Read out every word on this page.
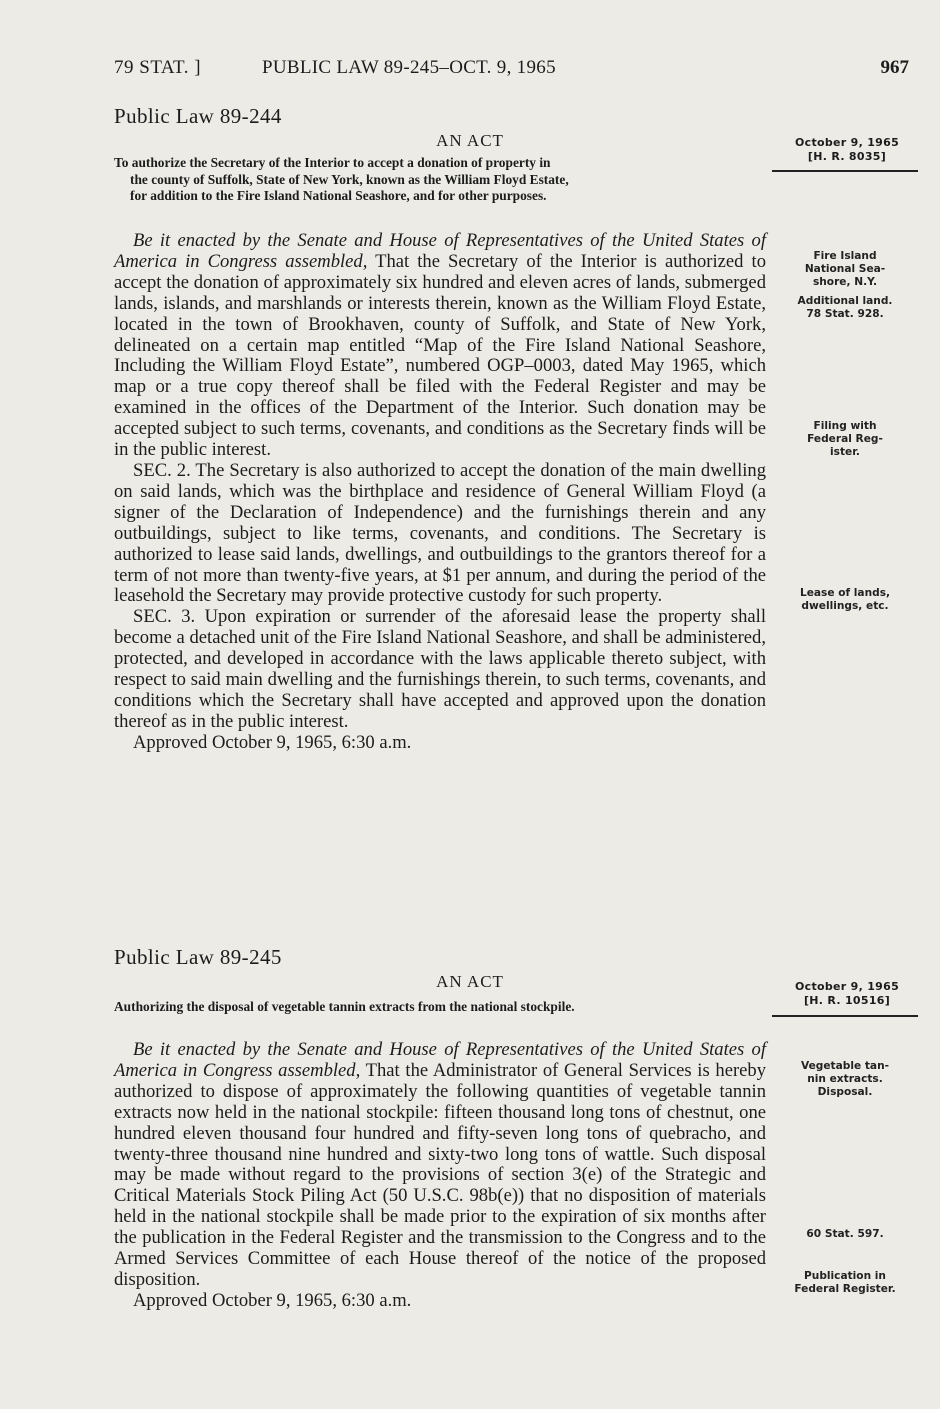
79 STAT. ]	PUBLIC LAW 89-245–OCT. 9, 1965	967
Public Law 89-244
AN ACT	October 9, 1965
[H. R. 8035]
To authorize the Secretary of the Interior to accept a donation of property in
the county of Suffolk, State of New York, known as the William Floyd Estate,
for addition to the Fire Island National Seashore, and for other purposes.

Be it enacted by the Senate and House of Representatives of the United States of America in Congress assembled, That the Secretary of the Interior is authorized to accept the donation of approximately six hundred and eleven acres of lands, submerged lands, islands, and marshlands or interests therein, known as the William Floyd Estate, located in the town of Brookhaven, county of Suffolk, and State of New York, delineated on a certain map entitled “Map of the Fire Island National Seashore, Including the William Floyd Estate”, numbered OGP–0003, dated May 1965, which map or a true copy thereof shall be filed with the Federal Register and may be examined in the offices of the Department of the Interior. Such donation may be accepted subject to such terms, covenants, and conditions as the Secretary finds will be in the public interest.

SEC. 2. The Secretary is also authorized to accept the donation of the main dwelling on said lands, which was the birthplace and residence of General William Floyd (a signer of the Declaration of Independence) and the furnishings therein and any outbuildings, subject to like terms, covenants, and conditions. The Secretary is authorized to lease said lands, dwellings, and outbuildings to the grantors thereof for a term of not more than twenty-five years, at $1 per annum, and during the period of the leasehold the Secretary may provide protective custody for such property.

SEC. 3. Upon expiration or surrender of the aforesaid lease the property shall become a detached unit of the Fire Island National Seashore, and shall be administered, protected, and developed in accordance with the laws applicable thereto subject, with respect to said main dwelling and the furnishings therein, to such terms, covenants, and conditions which the Secretary shall have accepted and approved upon the donation thereof as in the public interest.

Approved October 9, 1965, 6:30 a.m.

Fire Island
National Sea-
shore, N.Y.
Additional land.
78 Stat. 928.
Filing with
Federal Reg-
ister.
Lease of lands,
dwellings, etc.
Public Law 89-245
AN ACT	October 9, 1965
[H. R. 10516]
Authorizing the disposal of vegetable tannin extracts from the national stockpile.

Be it enacted by the Senate and House of Representatives of the United States of America in Congress assembled, That the Administrator of General Services is hereby authorized to dispose of approximately the following quantities of vegetable tannin extracts now held in the national stockpile: fifteen thousand long tons of chestnut, one hundred eleven thousand four hundred and fifty-seven long tons of quebracho, and twenty-three thousand nine hundred and sixty-two long tons of wattle. Such disposal may be made without regard to the provisions of section 3(e) of the Strategic and Critical Materials Stock Piling Act (50 U.S.C. 98b(e)) that no disposition of materials held in the national stockpile shall be made prior to the expiration of six months after the publication in the Federal Register and the transmission to the Congress and to the Armed Services Committee of each House thereof of the notice of the proposed disposition.

Approved October 9, 1965, 6:30 a.m.

Vegetable tan-
nin extracts.
Disposal.
60 Stat. 597.
Publication in
Federal Register.
